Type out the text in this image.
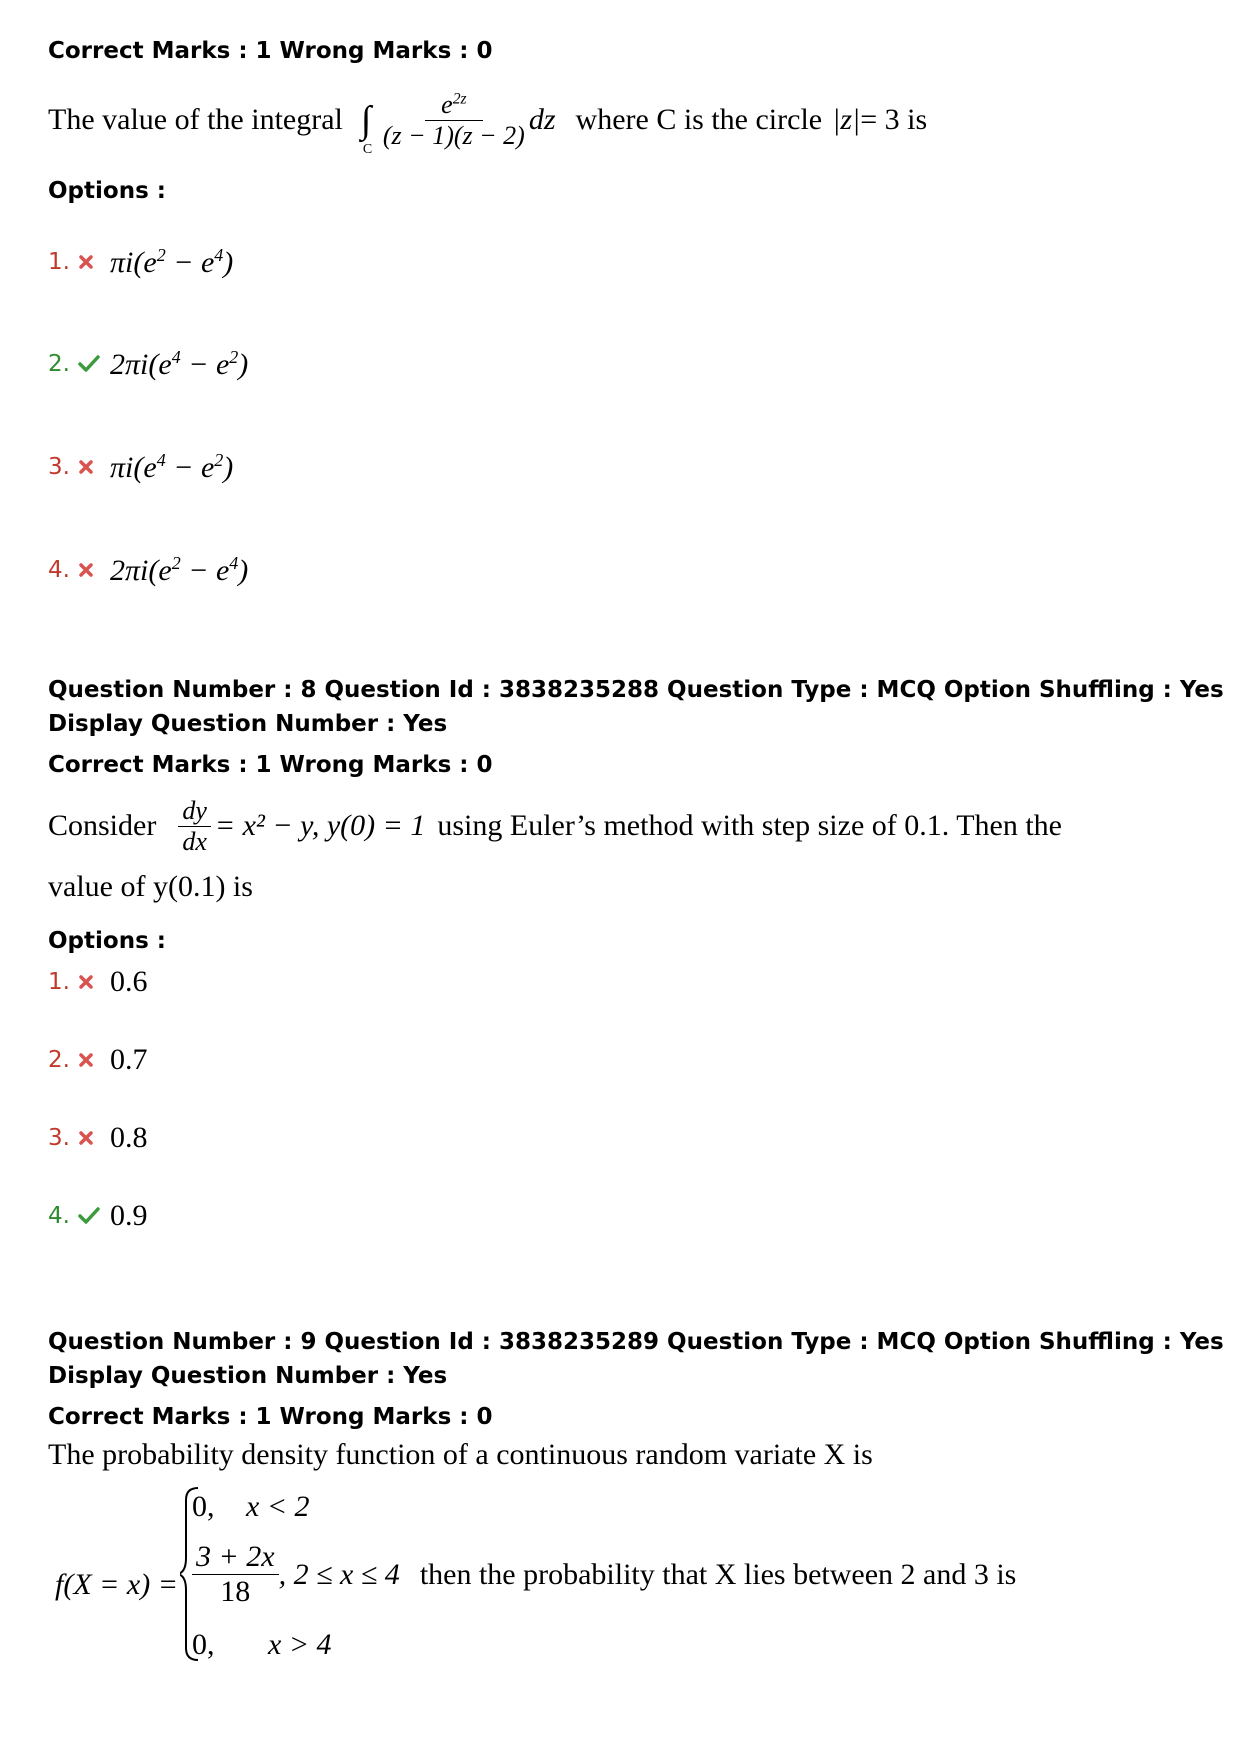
Correct Marks : 1 Wrong Marks : 0
The value of the integral ∫
C $\frac{e^{2z}}{(z - 1)(z - 2)}$ dz where C is the circle |z| = 3 is
Options :
1. $\pi i(e^2 - e^4)$
2. $2\pi i(e^4 - e^2)$
3. $\pi i(e^4 - e^2)$
4. $2\pi i(e^2 - e^4)$
Question Number : 8 Question Id : 3838235288 Question Type : MCQ Option Shuffling : Yes
Display Question Number : Yes
Correct Marks : 1 Wrong Marks : 0
Consider $\frac{dy}{dx} = x^2 - y$, y(0) = 1 using Euler’s method with step size of 0.1. Then the
value of y(0.1) is
Options :
1. 0.6
2. 0.7
3. 0.8
4. 0.9
Question Number : 9 Question Id : 3838235289 Question Type : MCQ Option Shuffling : Yes
Display Question Number : Yes
Correct Marks : 1 Wrong Marks : 0
The probability density function of a continuous random variate X is
f(X = x) =
0, x < 2
$\frac{3 + 2x}{18}$ , 2 ≤ x ≤ 4 then the probability that X lies between 2 and 3 is
0, x > 4
